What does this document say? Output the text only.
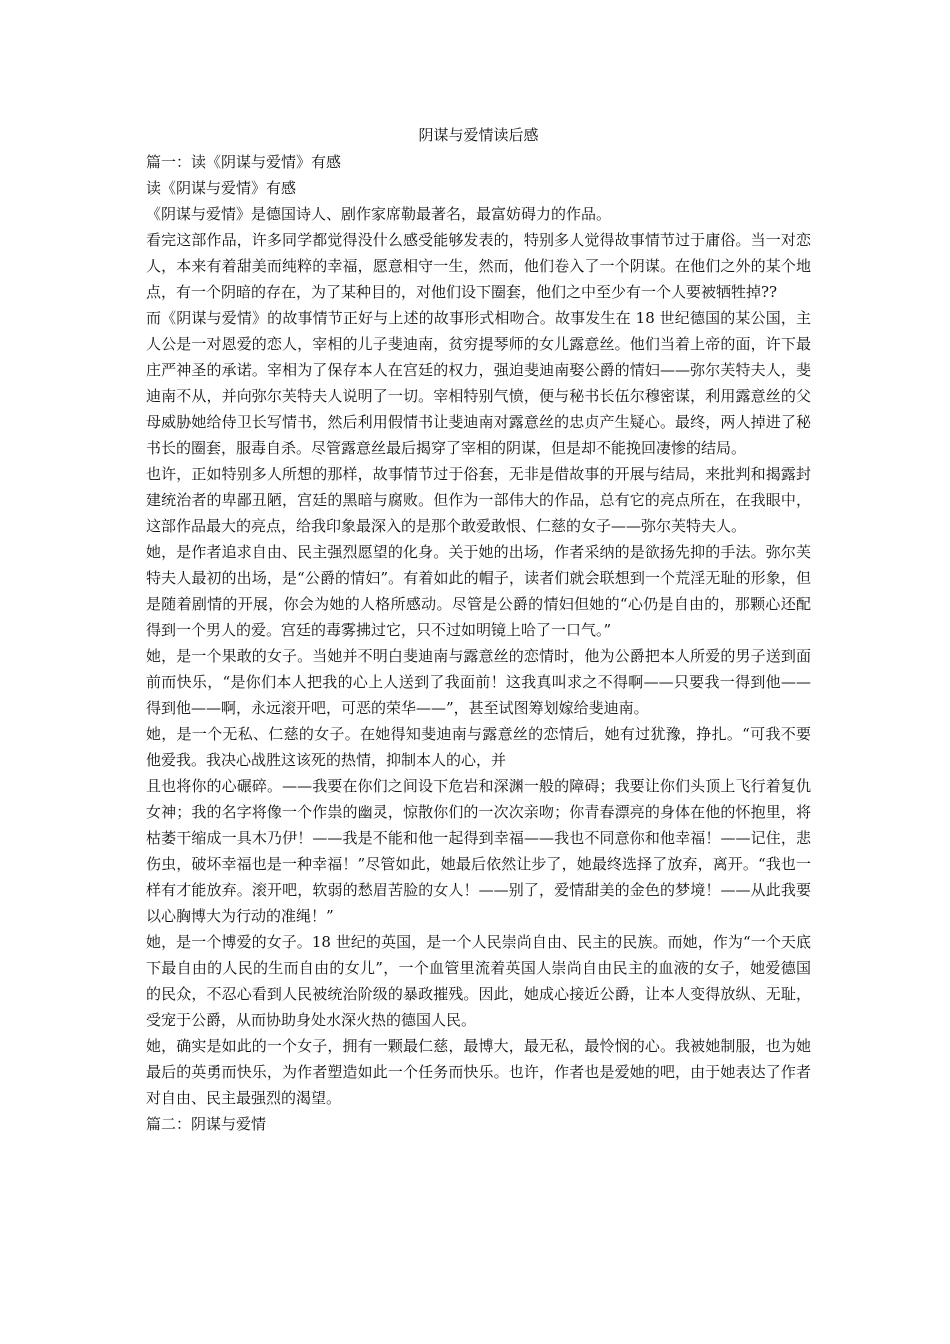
阴谋与爱情读后感

篇一：读《阴谋与爱情》有感

读《阴谋与爱情》有感

《阴谋与爱情》是德国诗人、剧作家席勒最著名，最富妨碍力的作品。

看完这部作品，许多同学都觉得没什么感受能够发表的，特别多人觉得故事情节过于庸俗。当一对恋人，本来有着甜美而纯粹的幸福，愿意相守一生，然而，他们卷入了一个阴谋。在他们之外的某个地点，有一个阴暗的存在，为了某种目的，对他们设下圈套，他们之中至少有一个人要被牺牲掉??

而《阴谋与爱情》的故事情节正好与上述的故事形式相吻合。故事发生在 18 世纪德国的某公国，主人公是一对恩爱的恋人，宰相的儿子斐迪南，贫穷提琴师的女儿露意丝。他们当着上帝的面，许下最庄严神圣的承诺。宰相为了保存本人在宫廷的权力，强迫斐迪南娶公爵的情妇——弥尔芙特夫人，斐迪南不从，并向弥尔芙特夫人说明了一切。宰相特别气愤，便与秘书长伍尔穆密谋，利用露意丝的父母威胁她给侍卫长写情书，然后利用假情书让斐迪南对露意丝的忠贞产生疑心。最终，两人掉进了秘书长的圈套，服毒自杀。尽管露意丝最后揭穿了宰相的阴谋，但是却不能挽回凄惨的结局。

也许，正如特别多人所想的那样，故事情节过于俗套，无非是借故事的开展与结局，来批判和揭露封建统治者的卑鄙丑陋，宫廷的黑暗与腐败。但作为一部伟大的作品，总有它的亮点所在，在我眼中，这部作品最大的亮点，给我印象最深入的是那个敢爱敢恨、仁慈的女子——弥尔芙特夫人。

她，是作者追求自由、民主强烈愿望的化身。关于她的出场，作者采纳的是欲扬先抑的手法。弥尔芙特夫人最初的出场，是“公爵的情妇”。有着如此的帽子，读者们就会联想到一个荒淫无耻的形象，但是随着剧情的开展，你会为她的人格所感动。尽管是公爵的情妇但她的“心仍是自由的，那颗心还配得到一个男人的爱。宫廷的毒雾拂过它，只不过如明镜上哈了一口气。”

她，是一个果敢的女子。当她并不明白斐迪南与露意丝的恋情时，他为公爵把本人所爱的男子送到面前而快乐，“是你们本人把我的心上人送到了我面前！这我真叫求之不得啊——只要我一得到他——得到他——啊，永远滚开吧，可恶的荣华——”，甚至试图筹划嫁给斐迪南。

她，是一个无私、仁慈的女子。在她得知斐迪南与露意丝的恋情后，她有过犹豫，挣扎。“可我不要他爱我。我决心战胜这该死的热情，抑制本人的心，并

且也将你的心碾碎。——我要在你们之间设下危岩和深渊一般的障碍；我要让你们头顶上飞行着复仇女神；我的名字将像一个作祟的幽灵，惊散你们的一次次亲吻；你青春漂亮的身体在他的怀抱里，将枯萎干缩成一具木乃伊！——我是不能和他一起得到幸福——我也不同意你和他幸福！——记住，悲伤虫，破坏幸福也是一种幸福！”尽管如此，她最后依然让步了，她最终选择了放弃，离开。“我也一样有才能放弃。滚开吧，软弱的愁眉苦脸的女人！——别了，爱情甜美的金色的梦境！——从此我要以心胸博大为行动的准绳！”

她，是一个博爱的女子。18 世纪的英国，是一个人民崇尚自由、民主的民族。而她，作为“一个天底下最自由的人民的生而自由的女儿”，一个血管里流着英国人崇尚自由民主的血液的女子，她爱德国的民众，不忍心看到人民被统治阶级的暴政摧残。因此，她成心接近公爵，让本人变得放纵、无耻，受宠于公爵，从而协助身处水深火热的德国人民。

她，确实是如此的一个女子，拥有一颗最仁慈，最博大，最无私，最怜悯的心。我被她制服，也为她最后的英勇而快乐，为作者塑造如此一个任务而快乐。也许，作者也是爱她的吧，由于她表达了作者对自由、民主最强烈的渴望。

篇二：阴谋与爱情
